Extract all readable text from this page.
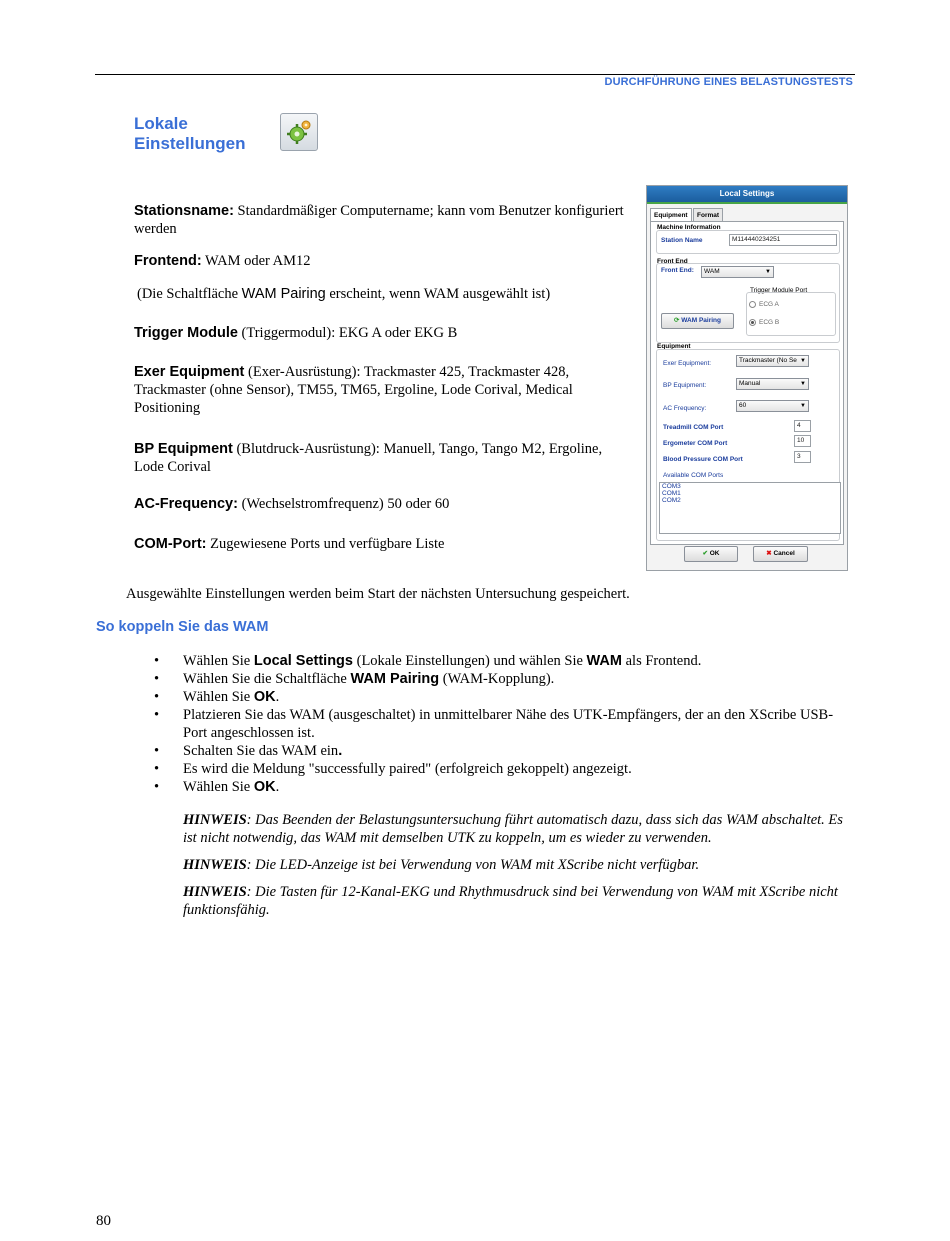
DURCHFÜHRUNG EINES BELASTUNGSTESTS
Lokale
Einstellungen
Stationsname: Standardmäßiger Computername; kann vom Benutzer konfiguriert werden
Frontend: WAM oder AM12
(Die Schaltfläche WAM Pairing erscheint, wenn WAM ausgewählt ist)
Trigger Module (Triggermodul): EKG A oder EKG B
Exer Equipment (Exer-Ausrüstung): Trackmaster 425, Trackmaster 428, Trackmaster (ohne Sensor), TM55, TM65, Ergoline, Lode Corival, Medical Positioning
BP Equipment (Blutdruck-Ausrüstung): Manuell, Tango, Tango M2, Ergoline, Lode Corival
AC-Frequency: (Wechselstromfrequenz) 50 oder 60
COM-Port: Zugewiesene Ports und verfügbare Liste
Local Settings
Equipment	Format
Machine Information
Station Name	M114440234251
Front End
Front End:	WAM	▼
Trigger Module Port
ECG A
ECG B
⟳ WAM Pairing
Equipment
Exer Equipment:	Trackmaster (No Se ▼
BP Equipment:	Manual	▼
AC Frequency:	60	▼
Treadmill COM Port	4
Ergometer COM Port	10
Blood Pressure COM Port	3
Available COM Ports
COM3
COM1
COM2
✔ OK	✖ Cancel
Ausgewählte Einstellungen werden beim Start der nächsten Untersuchung gespeichert.
So koppeln Sie das WAM
• Wählen Sie Local Settings (Lokale Einstellungen) und wählen Sie WAM als Frontend.
• Wählen Sie die Schaltfläche WAM Pairing (WAM-Kopplung).
• Wählen Sie OK.
• Platzieren Sie das WAM (ausgeschaltet) in unmittelbarer Nähe des UTK-Empfängers, der an den XScribe USB-Port angeschlossen ist.
• Schalten Sie das WAM ein.
• Es wird die Meldung "successfully paired" (erfolgreich gekoppelt) angezeigt.
• Wählen Sie OK.

HINWEIS: Das Beenden der Belastungsuntersuchung führt automatisch dazu, dass sich das WAM abschaltet. Es ist nicht notwendig, das WAM mit demselben UTK zu koppeln, um es wieder zu verwenden.

HINWEIS: Die LED-Anzeige ist bei Verwendung von WAM mit XScribe nicht verfügbar.

HINWEIS: Die Tasten für 12-Kanal-EKG und Rhythmusdruck sind bei Verwendung von WAM mit XScribe nicht funktionsfähig.

80
